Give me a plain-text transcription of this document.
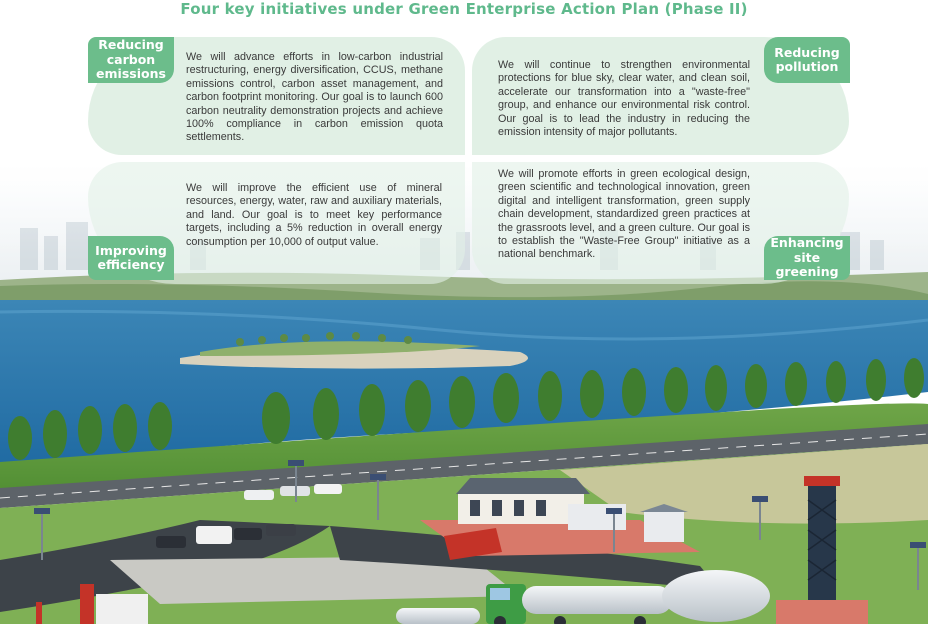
Four key initiatives under Green Enterprise Action Plan (Phase II)
Reducing
carbon
emissions
Reducing
pollution
Improving
efficiency
Enhancing
site greening
We will advance efforts in low-carbon industrial restructuring, energy diversification, CCUS, methane emissions control, carbon asset management, and carbon footprint monitoring. Our goal is to launch 600 carbon neutrality demonstration projects and achieve 100% compliance in carbon emission quota settlements.
We will continue to strengthen environmental protections for blue sky, clear water, and clean soil, accelerate our transformation into a "waste-free" group, and enhance our environmental risk control. Our goal is to lead the industry in reducing the emission intensity of major pollutants.
We will improve the efficient use of mineral resources, energy, water, raw and auxiliary materials, and land. Our goal is to meet key performance targets, including a 5% reduction in overall energy consumption per 10,000 of output value.
We will promote efforts in green ecological design, green scientific and technological innovation, green digital and intelligent transformation, green supply chain development, standardized green practices at the grassroots level, and a green culture. Our goal is to establish the "Waste-Free Group" initiative as a national benchmark.
